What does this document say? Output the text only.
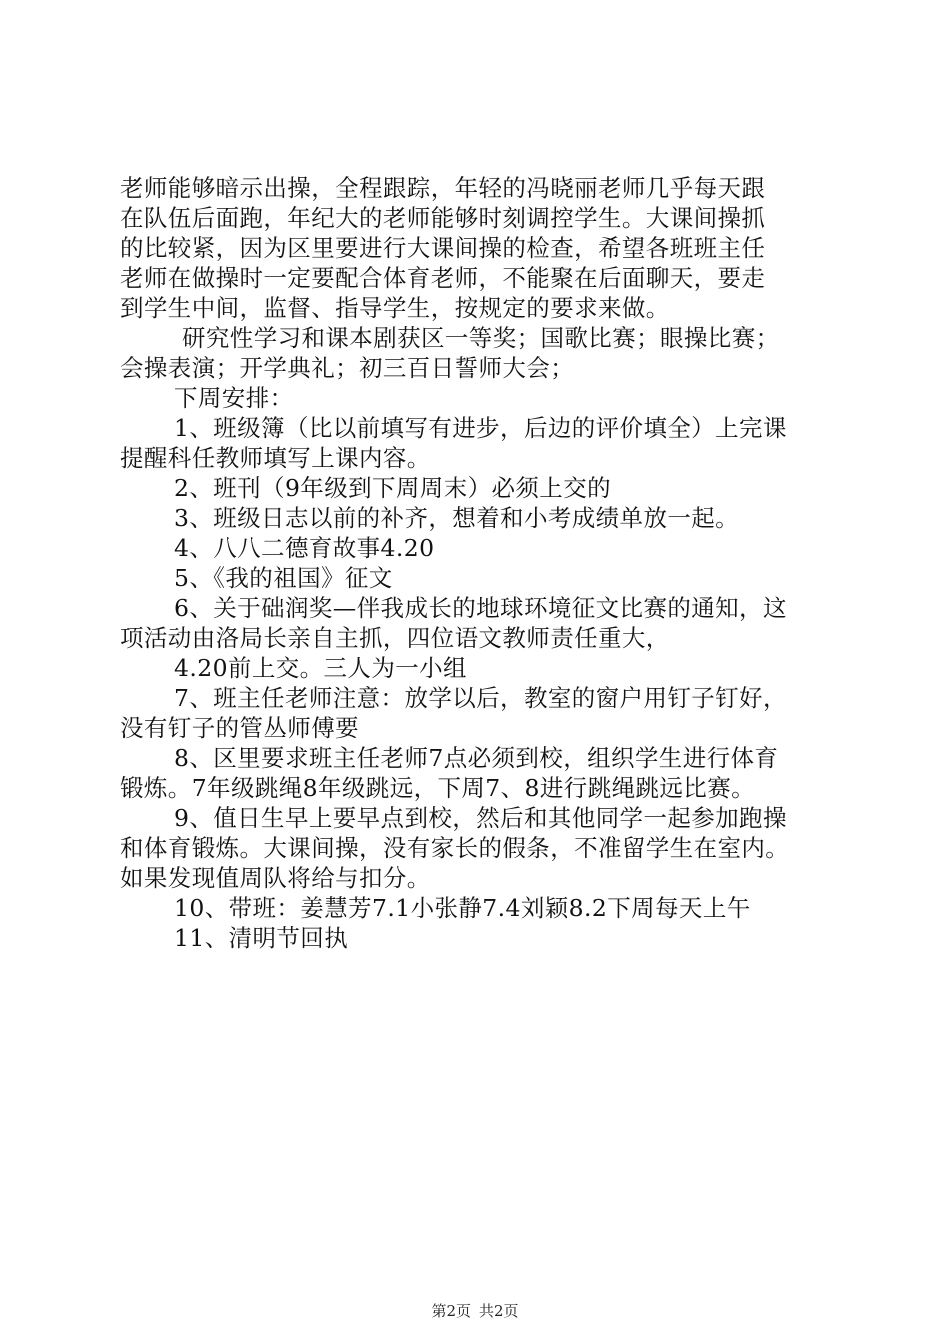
老师能够暗示出操，全程跟踪，年轻的冯晓丽老师几乎每天跟
在队伍后面跑，年纪大的老师能够时刻调控学生。大课间操抓
的比较紧，因为区里要进行大课间操的检查，希望各班班主任
老师在做操时一定要配合体育老师，不能聚在后面聊天，要走
到学生中间，监督、指导学生，按规定的要求来做。
研究性学习和课本剧获区一等奖；国歌比赛；眼操比赛；
会操表演；开学典礼；初三百日誓师大会；
下周安排：
1、班级簿（比以前填写有进步，后边的评价填全）上完课
提醒科任教师填写上课内容。
2、班刊（9年级到下周周末）必须上交的
3、班级日志以前的补齐，想着和小考成绩单放一起。
4、八八二德育故事4.20
5、《我的祖国》征文
6、关于础润奖—伴我成长的地球环境征文比赛的通知，这
项活动由洛局长亲自主抓，四位语文教师责任重大，
4.20前上交。三人为一小组
7、班主任老师注意：放学以后，教室的窗户用钉子钉好，
没有钉子的管丛师傅要
8、区里要求班主任老师7点必须到校，组织学生进行体育
锻炼。7年级跳绳8年级跳远，下周7、8进行跳绳跳远比赛。
9、值日生早上要早点到校，然后和其他同学一起参加跑操
和体育锻炼。大课间操，没有家长的假条，不准留学生在室内。
如果发现值周队将给与扣分。
10、带班：姜慧芳7.1小张静7.4刘颖8.2下周每天上午
11、清明节回执
第2页 共2页
